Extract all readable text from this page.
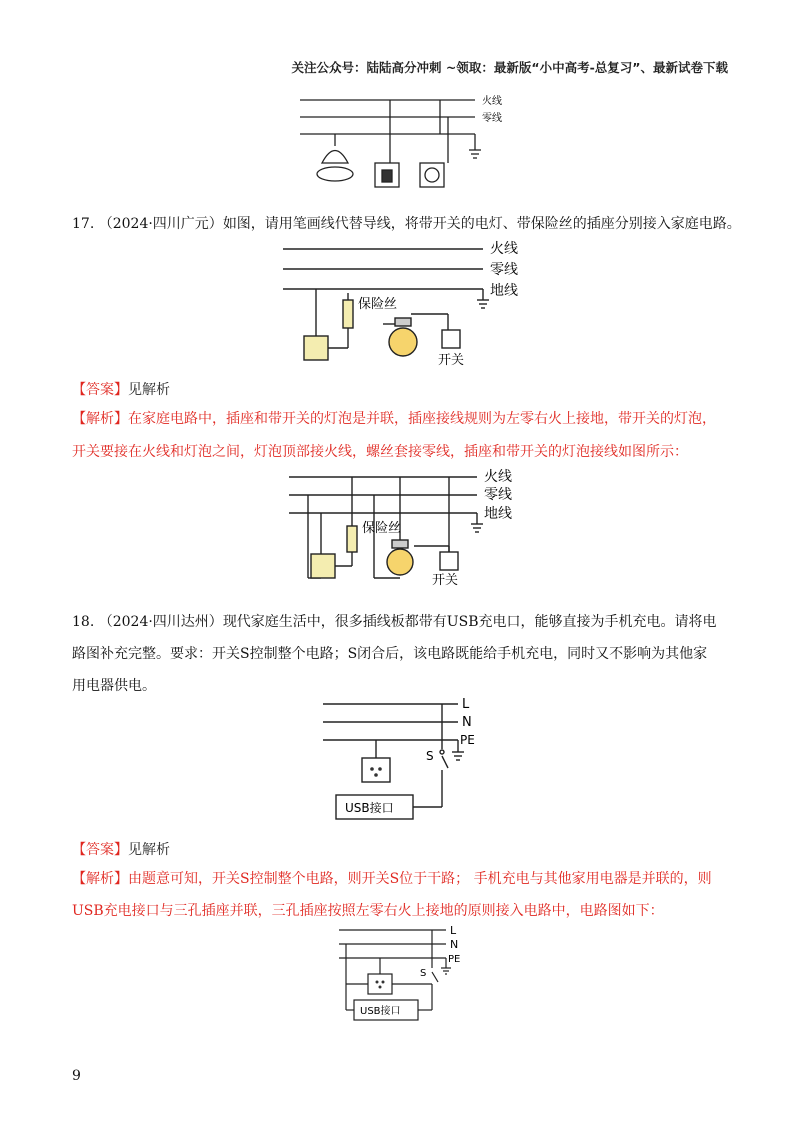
关注公众号：陆陆高分冲刺 ~领取：最新版“小中高考-总复习”、最新试卷下载
火线
零线
17. （2024·四川广元）如图，请用笔画线代替导线，将带开关的电灯、带保险丝的插座分别接入家庭电路。
火线
零线
地线
保险丝
开关
【答案】见解析
【解析】在家庭电路中，插座和带开关的灯泡是并联，插座接线规则为左零右火上接地，带开关的灯泡，
开关要接在火线和灯泡之间，灯泡顶部接火线，螺丝套接零线，插座和带开关的灯泡接线如图所示：
火线
零线
地线
保险丝
开关
18. （2024·四川达州）现代家庭生活中，很多插线板都带有USB充电口，能够直接为手机充电。请将电
路图补充完整。要求：开关S控制整个电路；S闭合后，该电路既能给手机充电，同时又不影响为其他家
用电器供电。
L
N
PE
S
USB接口
【答案】见解析
【解析】由题意可知，开关S控制整个电路，则开关S位于干路； 手机充电与其他家用电器是并联的，则
USB充电接口与三孔插座并联，三孔插座按照左零右火上接地的原则接入电路中，电路图如下：
L
N
PE
S
USB接口
9
